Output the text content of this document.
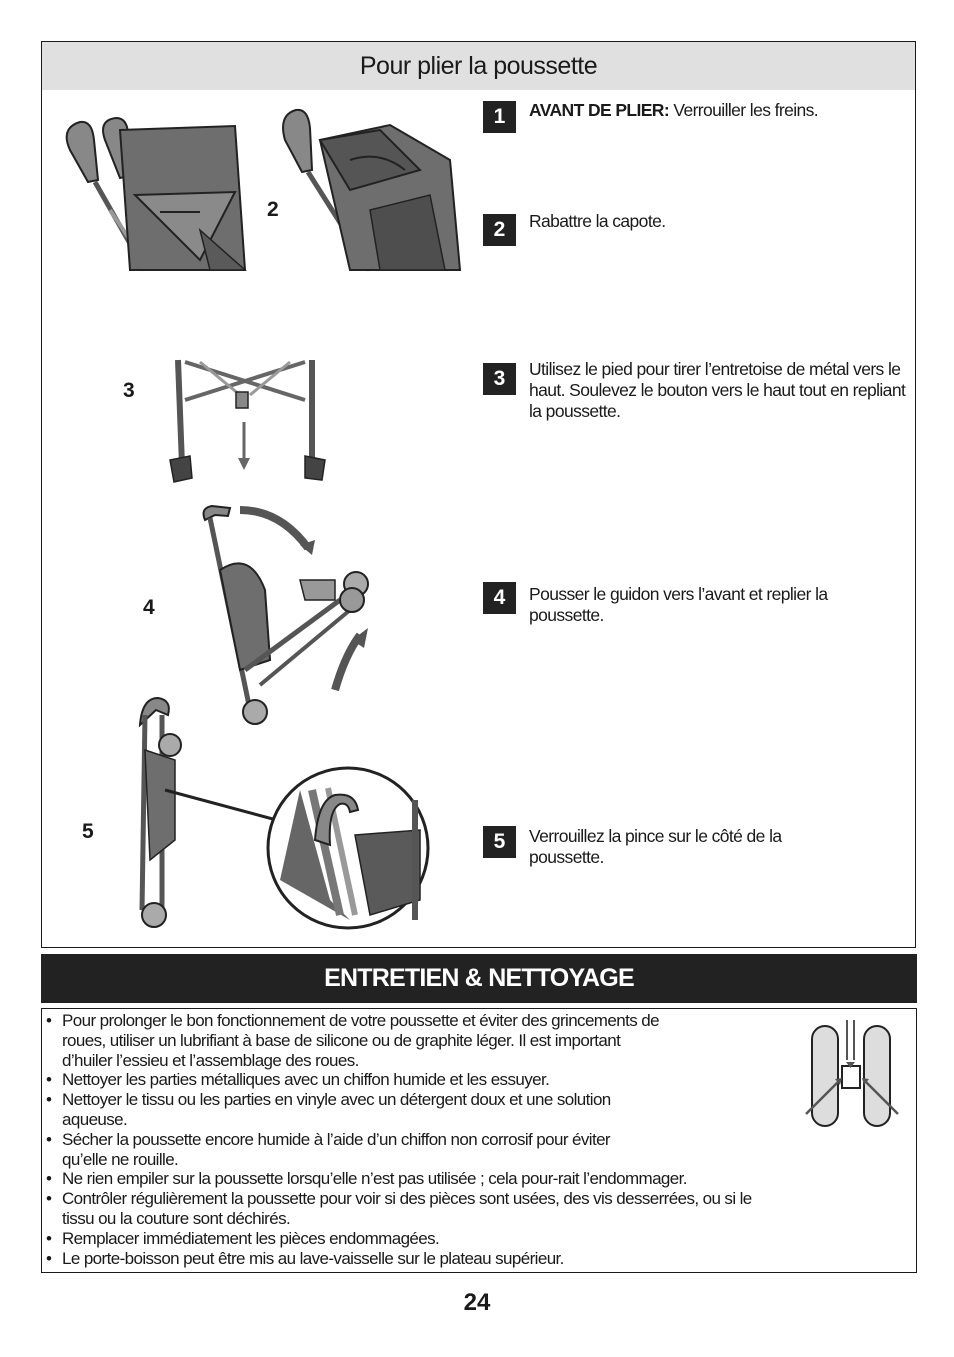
Pour plier la poussette
2
3
4
5
1	AVANT DE PLIER: Verrouiller les freins.
2	Rabattre la capote.
3	Utilisez le pied pour tirer l’entretoise de métal vers le haut. Soulevez le bouton vers le haut tout en repliant la poussette.
4	Pousser le guidon vers l’avant et replier la poussette.
5	Verrouillez la pince sur le côté de la poussette.
ENTRETIEN & NETTOYAGE
• Pour prolonger le bon fonctionnement de votre poussette et éviter des grincements de roues, utiliser un lubrifiant à base de silicone ou de graphite léger. Il est important d’huiler l’essieu et l’assemblage des roues.
• Nettoyer les parties métalliques avec un chiffon humide et les essuyer.
• Nettoyer le tissu ou les parties en vinyle avec un détergent doux et une solution aqueuse.
• Sécher la poussette encore humide à l’aide d’un chiffon non corrosif pour éviter qu’elle ne rouille.
• Ne rien empiler sur la poussette lorsqu’elle n’est pas utilisée ; cela pour-rait l’endommager.
• Contrôler régulièrement la poussette pour voir si des pièces sont usées, des vis desserrées, ou si le tissu ou la couture sont déchirés.
• Remplacer immédiatement les pièces endommagées.
• Le porte-boisson peut être mis au lave-vaisselle sur le plateau supérieur.
24
